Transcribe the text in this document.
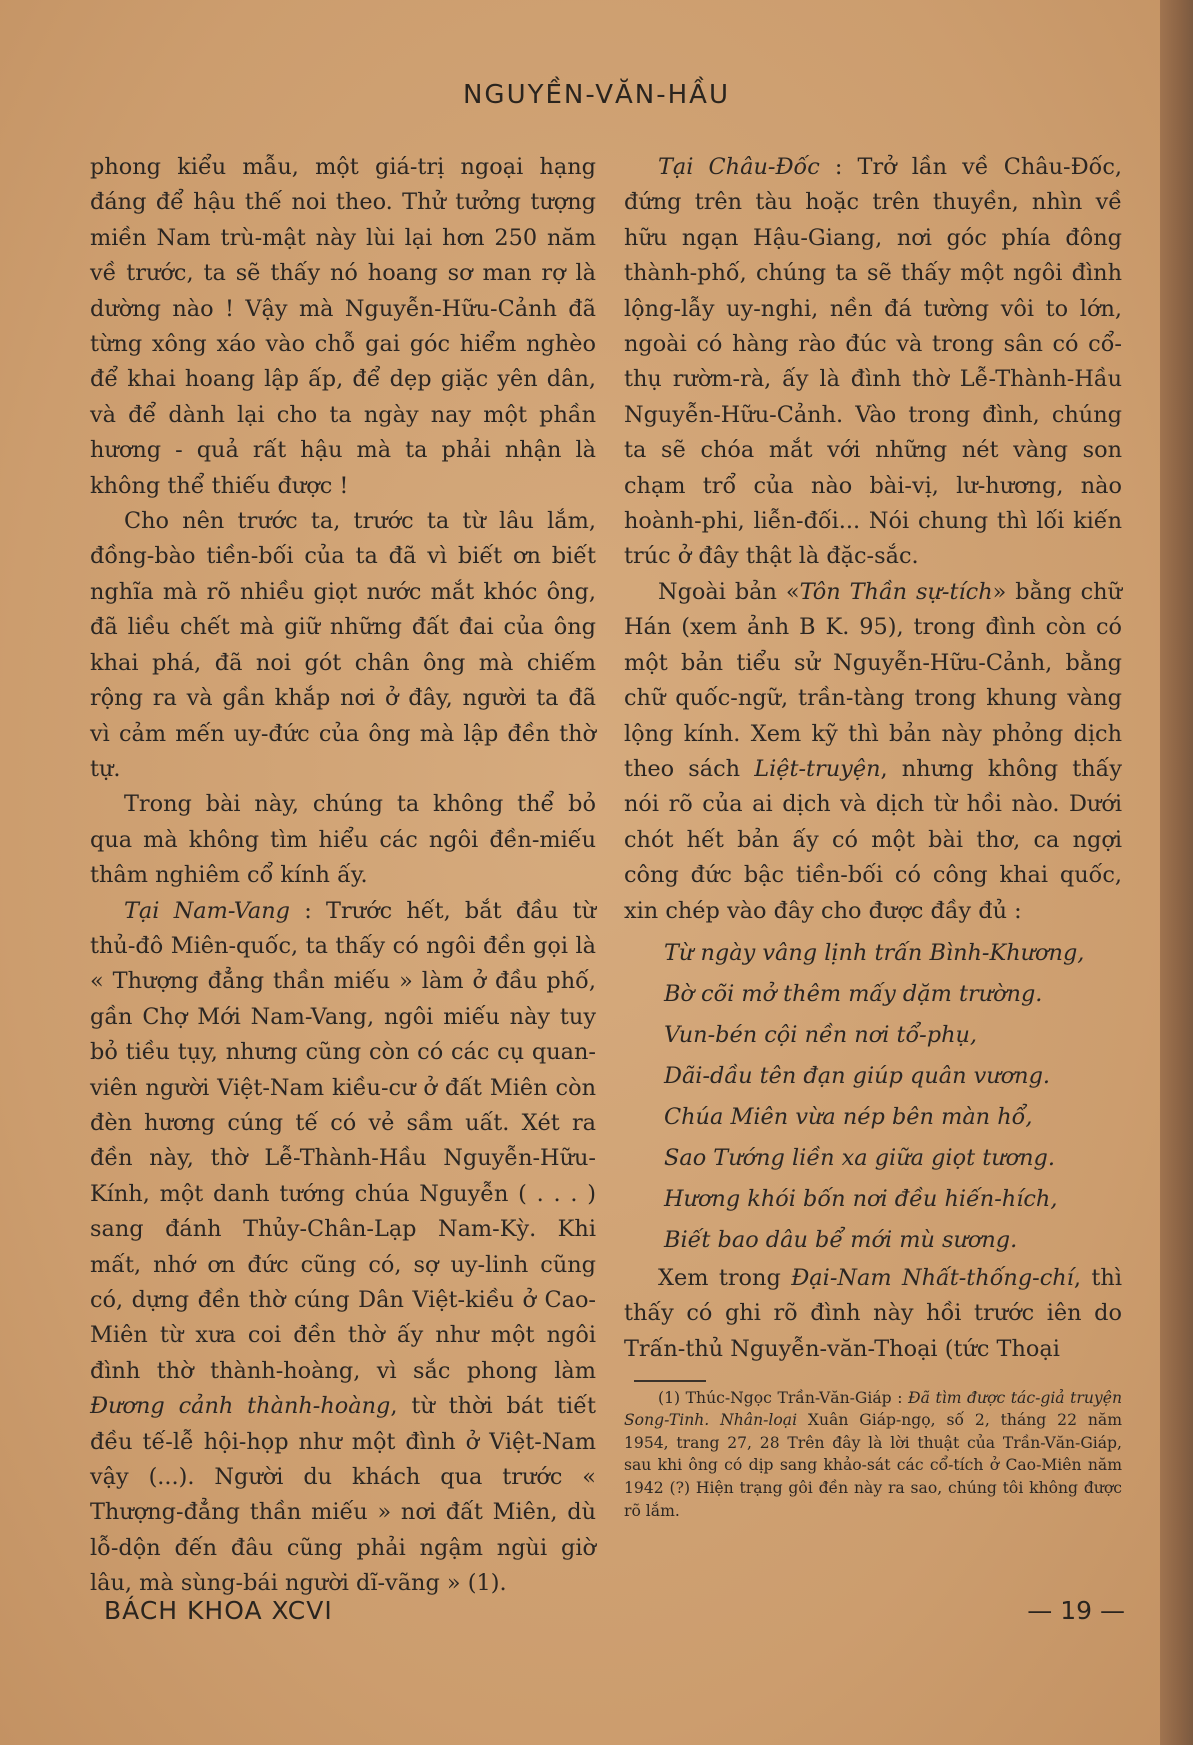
NGUYỀN-VĂN-HẦU

phong kiểu mẫu, một giá-trị ngoại hạng đáng để hậu thế noi theo. Thử tưởng tượng miền Nam trù-mật này lùi lại hơn 250 năm về trước, ta sẽ thấy nó hoang sơ man rợ là dường nào ! Vậy mà Nguyễn-Hữu-Cảnh đã từng xông xáo vào chỗ gai góc hiểm nghèo để khai hoang lập ấp, để dẹp giặc yên dân, và để dành lại cho ta ngày nay một phần hương - quả rất hậu mà ta phải nhận là không thể thiếu được !

Cho nên trước ta, trước ta từ lâu lắm, đồng-bào tiền-bối của ta đã vì biết ơn biết nghĩa mà rõ nhiều giọt nước mắt khóc ông, đã liều chết mà giữ những đất đai của ông khai phá, đã noi gót chân ông mà chiếm rộng ra và gần khắp nơi ở đây, người ta đã vì cảm mến uy-đức của ông mà lập đền thờ tự.

Trong bài này, chúng ta không thể bỏ qua mà không tìm hiểu các ngôi đền-miếu thâm nghiêm cổ kính ấy.

Tại Nam-Vang : Trước hết, bắt đầu từ thủ-đô Miên-quốc, ta thấy có ngôi đền gọi là « Thượng đẳng thần miếu » làm ở đầu phố, gần Chợ Mới Nam-Vang, ngôi miếu này tuy bỏ tiều tụy, nhưng cũng còn có các cụ quan-viên người Việt-Nam kiều-cư ở đất Miên còn đèn hương cúng tế có vẻ sầm uất. Xét ra đền này, thờ Lễ-Thành-Hầu Nguyễn-Hữu-Kính, một danh tướng chúa Nguyễn ( . . . ) sang đánh Thủy-Chân-Lạp Nam-Kỳ. Khi mất, nhớ ơn đức cũng có, sợ uy-linh cũng có, dựng đền thờ cúng Dân Việt-kiều ở Cao-Miên từ xưa coi đền thờ ấy như một ngôi đình thờ thành-hoàng, vì sắc phong làm Đương cảnh thành-hoàng, từ thời bát tiết đều tế-lễ hội-họp như một đình ở Việt-Nam vậy (...). Người du khách qua trước « Thượng-đẳng thần miếu » nơi đất Miên, dù lỗ-dộn đến đâu cũng phải ngậm ngùi giờ lâu, mà sùng-bái người dĩ-vãng » (1).

Tại Châu-Đốc : Trở lần về Châu-Đốc, đứng trên tàu hoặc trên thuyền, nhìn về hữu ngạn Hậu-Giang, nơi góc phía đông thành-phố, chúng ta sẽ thấy một ngôi đình lộng-lẫy uy-nghi, nền đá tường vôi to lớn, ngoài có hàng rào đúc và trong sân có cổ-thụ rườm-rà, ấy là đình thờ Lễ-Thành-Hầu Nguyễn-Hữu-Cảnh. Vào trong đình, chúng ta sẽ chóa mắt với những nét vàng son chạm trổ của nào bài-vị, lư-hương, nào hoành-phi, liễn-đối... Nói chung thì lối kiến trúc ở đây thật là đặc-sắc.

Ngoài bản «Tôn Thần sự-tích» bằng chữ Hán (xem ảnh B K. 95), trong đình còn có một bản tiểu sử Nguyễn-Hữu-Cảnh, bằng chữ quốc-ngữ, trần-tàng trong khung vàng lộng kính. Xem kỹ thì bản này phỏng dịch theo sách Liệt-truyện, nhưng không thấy nói rõ của ai dịch và dịch từ hồi nào. Dưới chót hết bản ấy có một bài thơ, ca ngợi công đức bậc tiền-bối có công khai quốc, xin chép vào đây cho được đầy đủ :

Từ ngày vâng lịnh trấn Bình-Khương,
Bờ cõi mở thêm mấy dặm trường.
Vun-bén cội nền nơi tổ-phụ,
Dãi-dầu tên đạn giúp quân vương.
Chúa Miên vừa nép bên màn hổ,
Sao Tướng liền xa giữa giọt tương.
Hương khói bốn nơi đều hiến-hích,
Biết bao dâu bể mới mù sương.

Xem trong Đại-Nam Nhất-thống-chí, thì thấy có ghi rõ đình này hồi trước iên do Trấn-thủ Nguyễn-văn-Thoại (tức Thoại

(1) Thúc-Ngọc Trần-Văn-Giáp : Đã tìm được tác-giả truyện Song-Tinh. Nhân-loại Xuân Giáp-ngọ, số 2, tháng 22 năm 1954, trang 27, 28 Trên đây là lời thuật của Trần-Văn-Giáp, sau khi ông có dịp sang khảo-sát các cổ-tích ở Cao-Miên năm 1942 (?) Hiện trạng gôi đền này ra sao, chúng tôi không được rõ lắm.

BÁCH KHOA XCVI	— 19 —
